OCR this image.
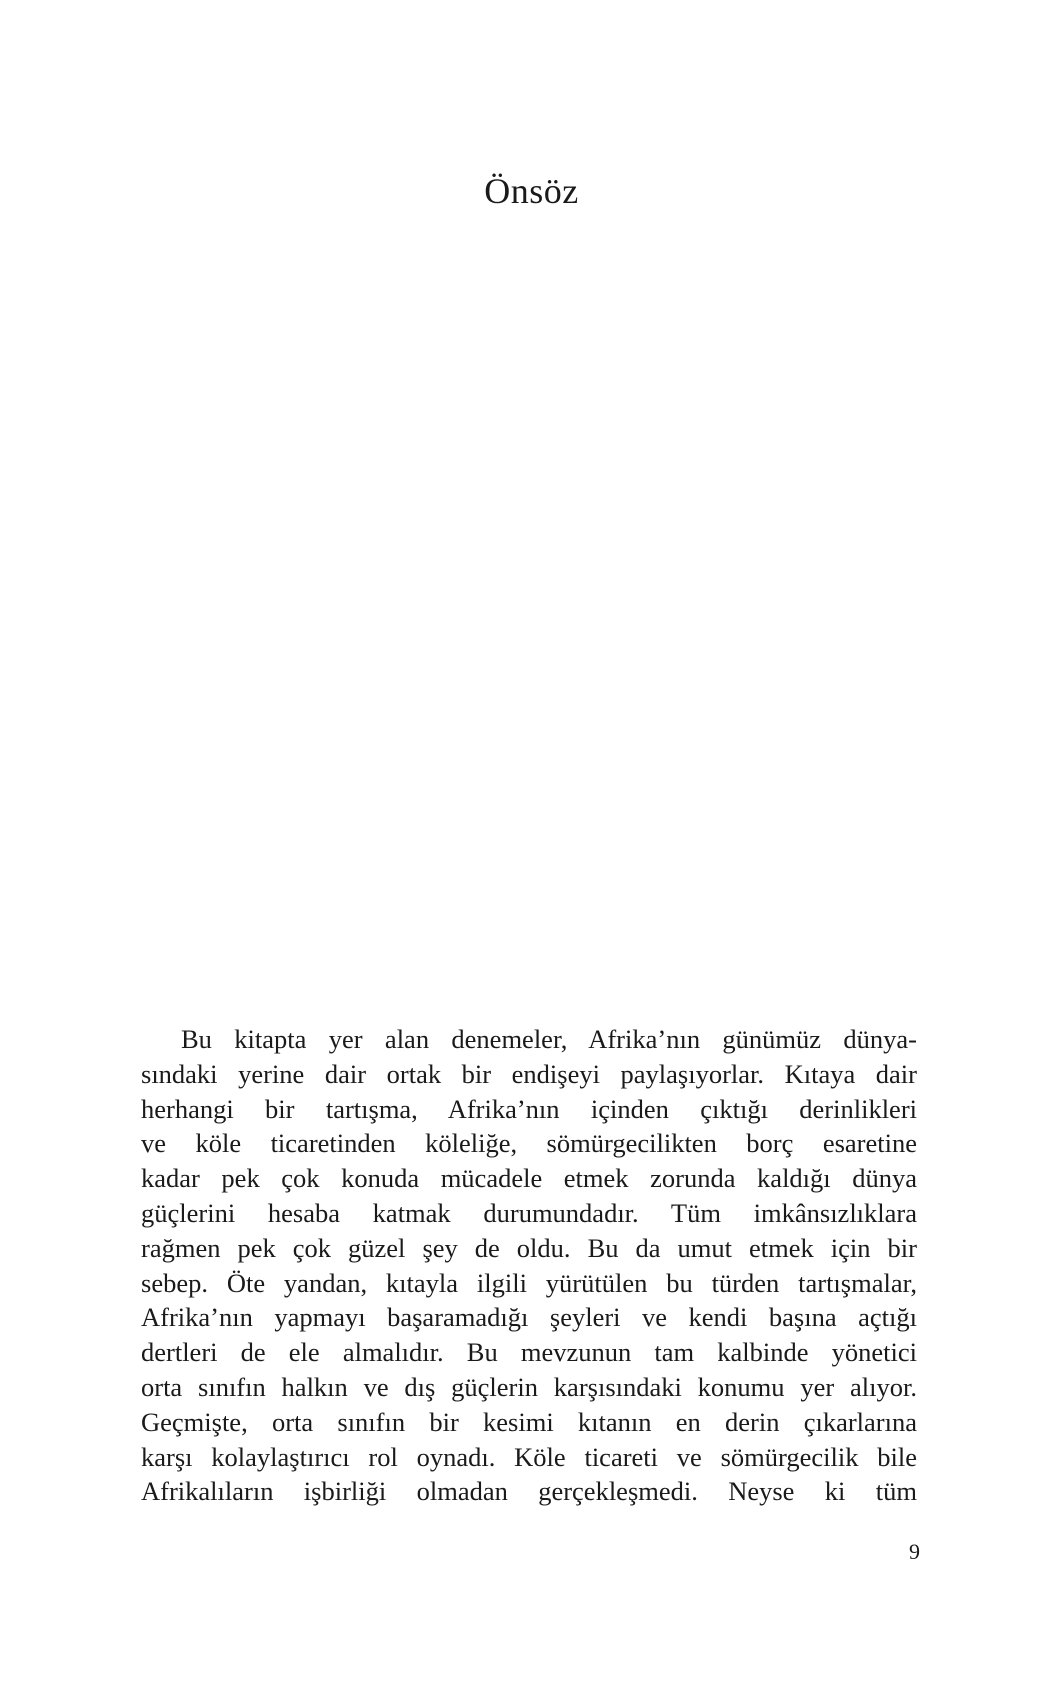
Önsöz
Bu kitapta yer alan denemeler, Afrika’nın günümüz dünya-
sındaki yerine dair ortak bir endişeyi paylaşıyorlar. Kıtaya dair
herhangi bir tartışma, Afrika’nın içinden çıktığı derinlikleri
ve köle ticaretinden köleliğe, sömürgecilikten borç esaretine
kadar pek çok konuda mücadele etmek zorunda kaldığı dünya
güçlerini hesaba katmak durumundadır. Tüm imkânsızlıklara
rağmen pek çok güzel şey de oldu. Bu da umut etmek için bir
sebep. Öte yandan, kıtayla ilgili yürütülen bu türden tartışmalar,
Afrika’nın yapmayı başaramadığı şeyleri ve kendi başına açtığı
dertleri de ele almalıdır. Bu mevzunun tam kalbinde yönetici
orta sınıfın halkın ve dış güçlerin karşısındaki konumu yer alıyor.
Geçmişte, orta sınıfın bir kesimi kıtanın en derin çıkarlarına
karşı kolaylaştırıcı rol oynadı. Köle ticareti ve sömürgecilik bile
Afrikalıların işbirliği olmadan gerçekleşmedi. Neyse ki tüm

9
